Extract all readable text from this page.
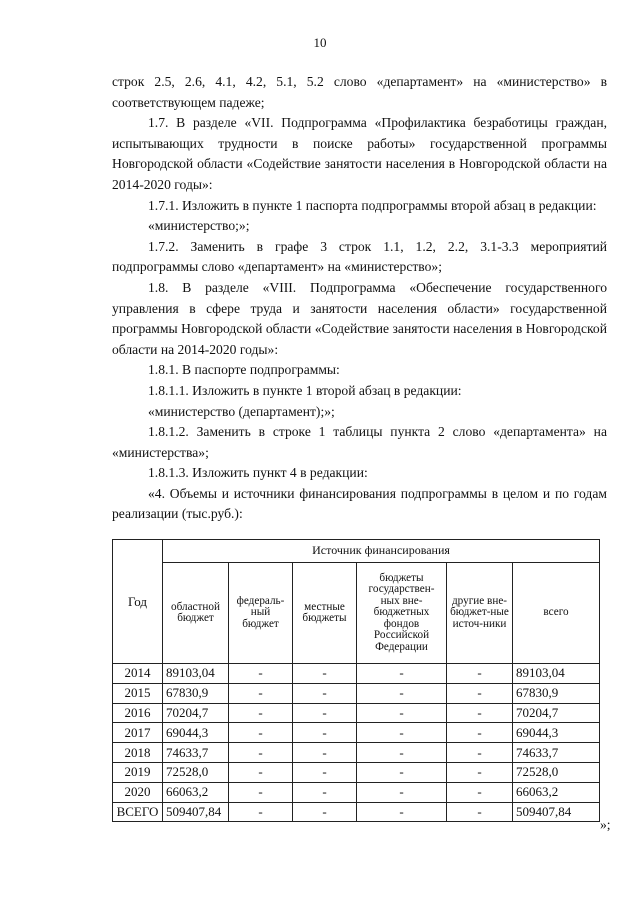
10

строк 2.5, 2.6, 4.1, 4.2, 5.1, 5.2 слово «департамент» на «министерство» в соответствующем падеже;

1.7. В разделе «VII. Подпрограмма «Профилактика безработицы граждан, испытывающих трудности в поиске работы» государственной программы Новгородской области «Содействие занятости населения в Новгородской области на 2014-2020 годы»:

1.7.1. Изложить в пункте 1 паспорта подпрограммы второй абзац в редакции:

«министерство;»;

1.7.2. Заменить в графе 3 строк 1.1, 1.2, 2.2, 3.1-3.3 мероприятий подпрограммы слово «департамент» на «министерство»;

1.8. В разделе «VIII. Подпрограмма «Обеспечение государственного управления в сфере труда и занятости населения области» государственной программы Новгородской области «Содействие занятости населения в Новгородской области на 2014-2020 годы»:

1.8.1. В паспорте подпрограммы:

1.8.1.1. Изложить в пункте 1 второй абзац в редакции:

«министерство (департамент);»;

1.8.1.2. Заменить в строке 1 таблицы пункта 2 слово «департамента» на «министерства»;

1.8.1.3. Изложить пункт 4 в редакции:

«4. Объемы и источники финансирования подпрограммы в целом и по годам реализации (тыс.руб.):

Год	Источник финансирования					
	областной бюджет	федераль-ный бюджет	местные бюджеты	бюджеты государствен-ных вне-бюджетных фондов Российской Федерации	другие вне-бюджет-ные источ-ники	всего
2014	89103,04	-	-	-	-	89103,04
2015	67830,9	-	-	-	-	67830,9
2016	70204,7	-	-	-	-	70204,7
2017	69044,3	-	-	-	-	69044,3
2018	74633,7	-	-	-	-	74633,7
2019	72528,0	-	-	-	-	72528,0
2020	66063,2	-	-	-	-	66063,2
ВСЕГО	509407,84	-	-	-	-	509407,84
»;
